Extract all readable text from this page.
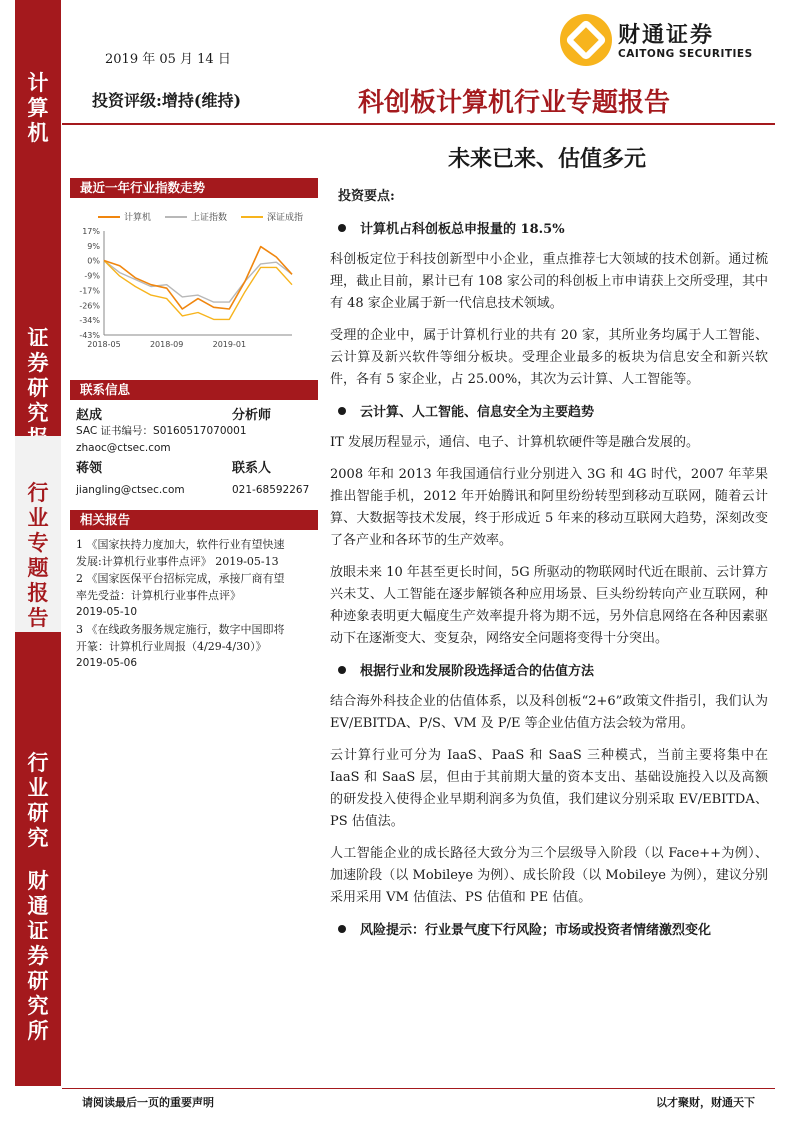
计
算
机
证
券
研
究
行
业
专
题
报
告
行
业
研
究
财
通
证
券
研
究
所
2019 年 05 月 14 日
财通证券
CAITONG SECURITIES
投资评级:增持(维持)	科创板计算机行业专题报告
未来已来、估值多元
最近一年行业指数走势
计算机	上证指数	深证成指
17%
9%
0%
-9%
-17%
-26%
-34%
-43%
2018-05	2018-09	2019-01
联系信息
赵成	分析师
SAC 证书编号：S0160517070001
zhaoc@ctsec.com
蒋领	联系人
jiangling@ctsec.com	021-68592267
相关报告
1 《国家扶持力度加大，软件行业有望快速
发展:计算机行业事件点评》 2019-05-13
2 《国家医保平台招标完成，承接厂商有望
率先受益：计算机行业事件点评》
2019-05-10
3 《在线政务服务规定施行，数字中国即将
开篆：计算机行业周报（4/29-4/30）》
2019-05-06
投资要点:
计算机占科创板总申报量的 18.5%

科创板定位于科技创新型中小企业，重点推荐七大领域的技术创新。通过梳理，截止目前，累计已有 108 家公司的科创板上市申请获上交所受理，其中有 48 家企业属于新一代信息技术领域。

受理的企业中，属于计算机行业的共有 20 家，其所业务均属于人工智能、云计算及新兴软件等细分板块。受理企业最多的板块为信息安全和新兴软件，各有 5 家企业，占 25.00%，其次为云计算、人工智能等。

云计算、人工智能、信息安全为主要趋势

IT 发展历程显示，通信、电子、计算机软硬件等是融合发展的。

2008 年和 2013 年我国通信行业分别进入 3G 和 4G 时代，2007 年苹果推出智能手机，2012 年开始腾讯和阿里纷纷转型到移动互联网，随着云计算、大数据等技术发展，终于形成近 5 年来的移动互联网大趋势，深刻改变了各产业和各环节的生产效率。

放眼未来 10 年甚至更长时间，5G 所驱动的物联网时代近在眼前、云计算方兴未艾、人工智能在逐步解锁各种应用场景、巨头纷纷转向产业互联网，种种迹象表明更大幅度生产效率提升将为期不远，另外信息网络在各种因素驱动下在逐渐变大、变复杂，网络安全问题将变得十分突出。

根据行业和发展阶段选择适合的估值方法

结合海外科技企业的估值体系，以及科创板“2+6”政策文件指引，我们认为 EV/EBITDA、P/S、VM 及 P/E 等企业估值方法会较为常用。

云计算行业可分为 IaaS、PaaS 和 SaaS 三种模式，当前主要将集中在 IaaS 和 SaaS 层，但由于其前期大量的资本支出、基础设施投入以及高额的研发投入使得企业早期利润多为负值，我们建议分别采取 EV/EBITDA、PS 估值法。

人工智能企业的成长路径大致分为三个层级导入阶段（以 Face++为例）、加速阶段（以 Mobileye 为例）、成长阶段（以 Mobileye 为例），建议分别采用采用 VM 估值法、PS 估值和 PE 估值。

风险提示：行业景气度下行风险；市场或投资者情绪激烈变化
请阅读最后一页的重要声明	以才聚财，财通天下
